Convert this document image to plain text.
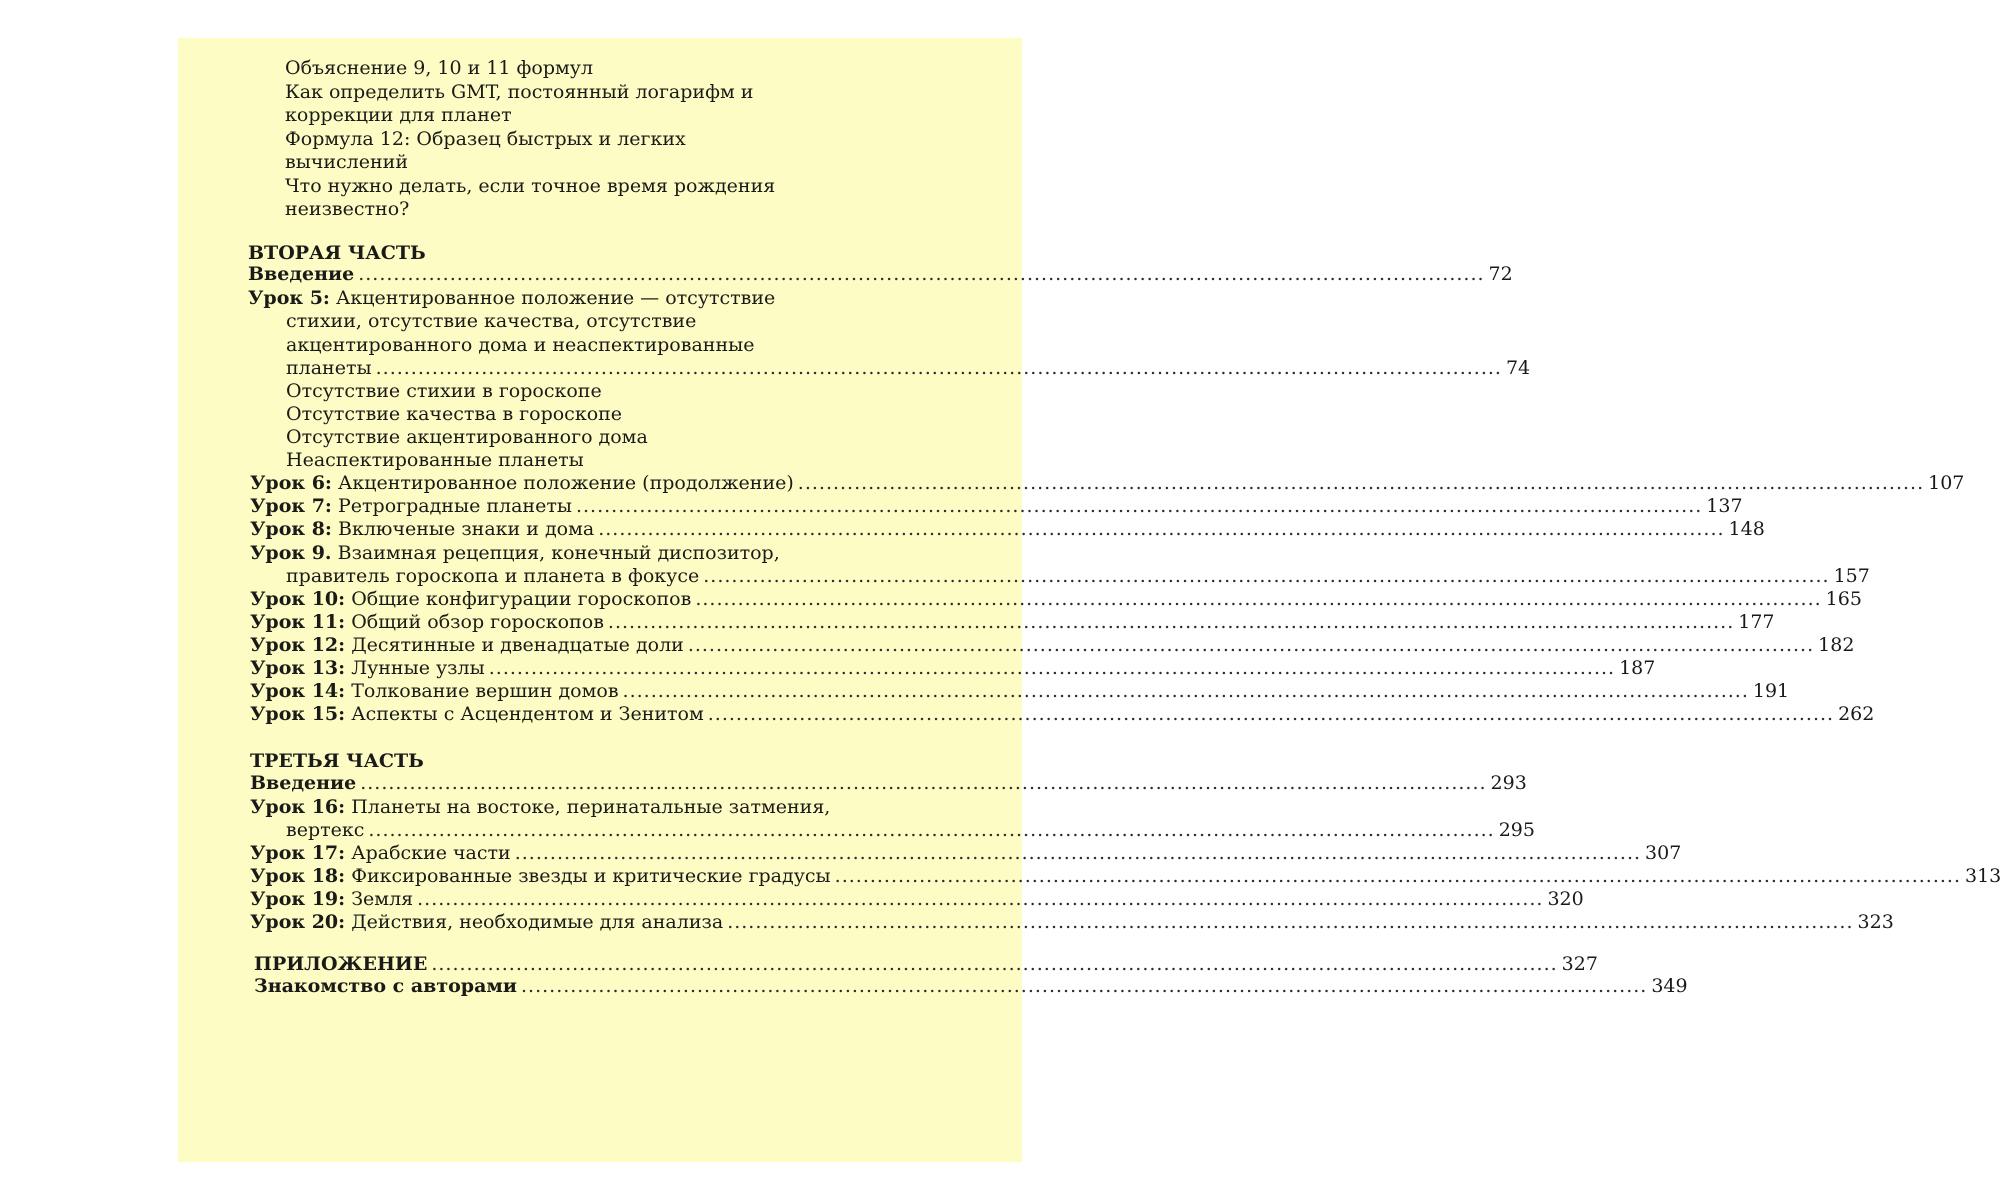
Объяснение 9, 10 и 11 формул
Как определить GMT, постоянный логарифм и
коррекции для планет
Формула 12: Образец быстрых и легких
вычислений
Что нужно делать, если точное время рождения
неизвестно?
ВТОРАЯ ЧАСТЬ
Введение ................................................................................................................................................................ 72
Урок 5: Акцентированное положение — отсутствие
стихии, отсутствие качества, отсутствие
акцентированного дома и неаспектированные
планеты ................................................................................................................................................................ 74
Отсутствие стихии в гороскопе
Отсутствие качества в гороскопе
Отсутствие акцентированного дома
Неаспектированные планеты
Урок 6: Акцентированное положение (продолжение) ................................................................................................................................................................ 107
Урок 7: Ретроградные планеты ................................................................................................................................................................ 137
Урок 8: Включеные знаки и дома ................................................................................................................................................................ 148
Урок 9. Взаимная рецепция, конечный диспозитор,
правитель гороскопа и планета в фокусе ................................................................................................................................................................ 157
Урок 10: Общие конфигурации гороскопов ................................................................................................................................................................ 165
Урок 11: Общий обзор гороскопов ................................................................................................................................................................ 177
Урок 12: Десятинные и двенадцатые доли ................................................................................................................................................................ 182
Урок 13: Лунные узлы ................................................................................................................................................................ 187
Урок 14: Толкование вершин домов ................................................................................................................................................................ 191
Урок 15: Аспекты с Асцендентом и Зенитом ................................................................................................................................................................ 262
ТРЕТЬЯ ЧАСТЬ
Введение ................................................................................................................................................................ 293
Урок 16: Планеты на востоке, перинатальные затмения,
вертекс ................................................................................................................................................................ 295
Урок 17: Арабские части ................................................................................................................................................................ 307
Урок 18: Фиксированные звезды и критические градусы ................................................................................................................................................................ 313
Урок 19: Земля ................................................................................................................................................................ 320
Урок 20: Действия, необходимые для анализа ................................................................................................................................................................ 323
ПРИЛОЖЕНИЕ ................................................................................................................................................................ 327
Знакомство с авторами ................................................................................................................................................................ 349
